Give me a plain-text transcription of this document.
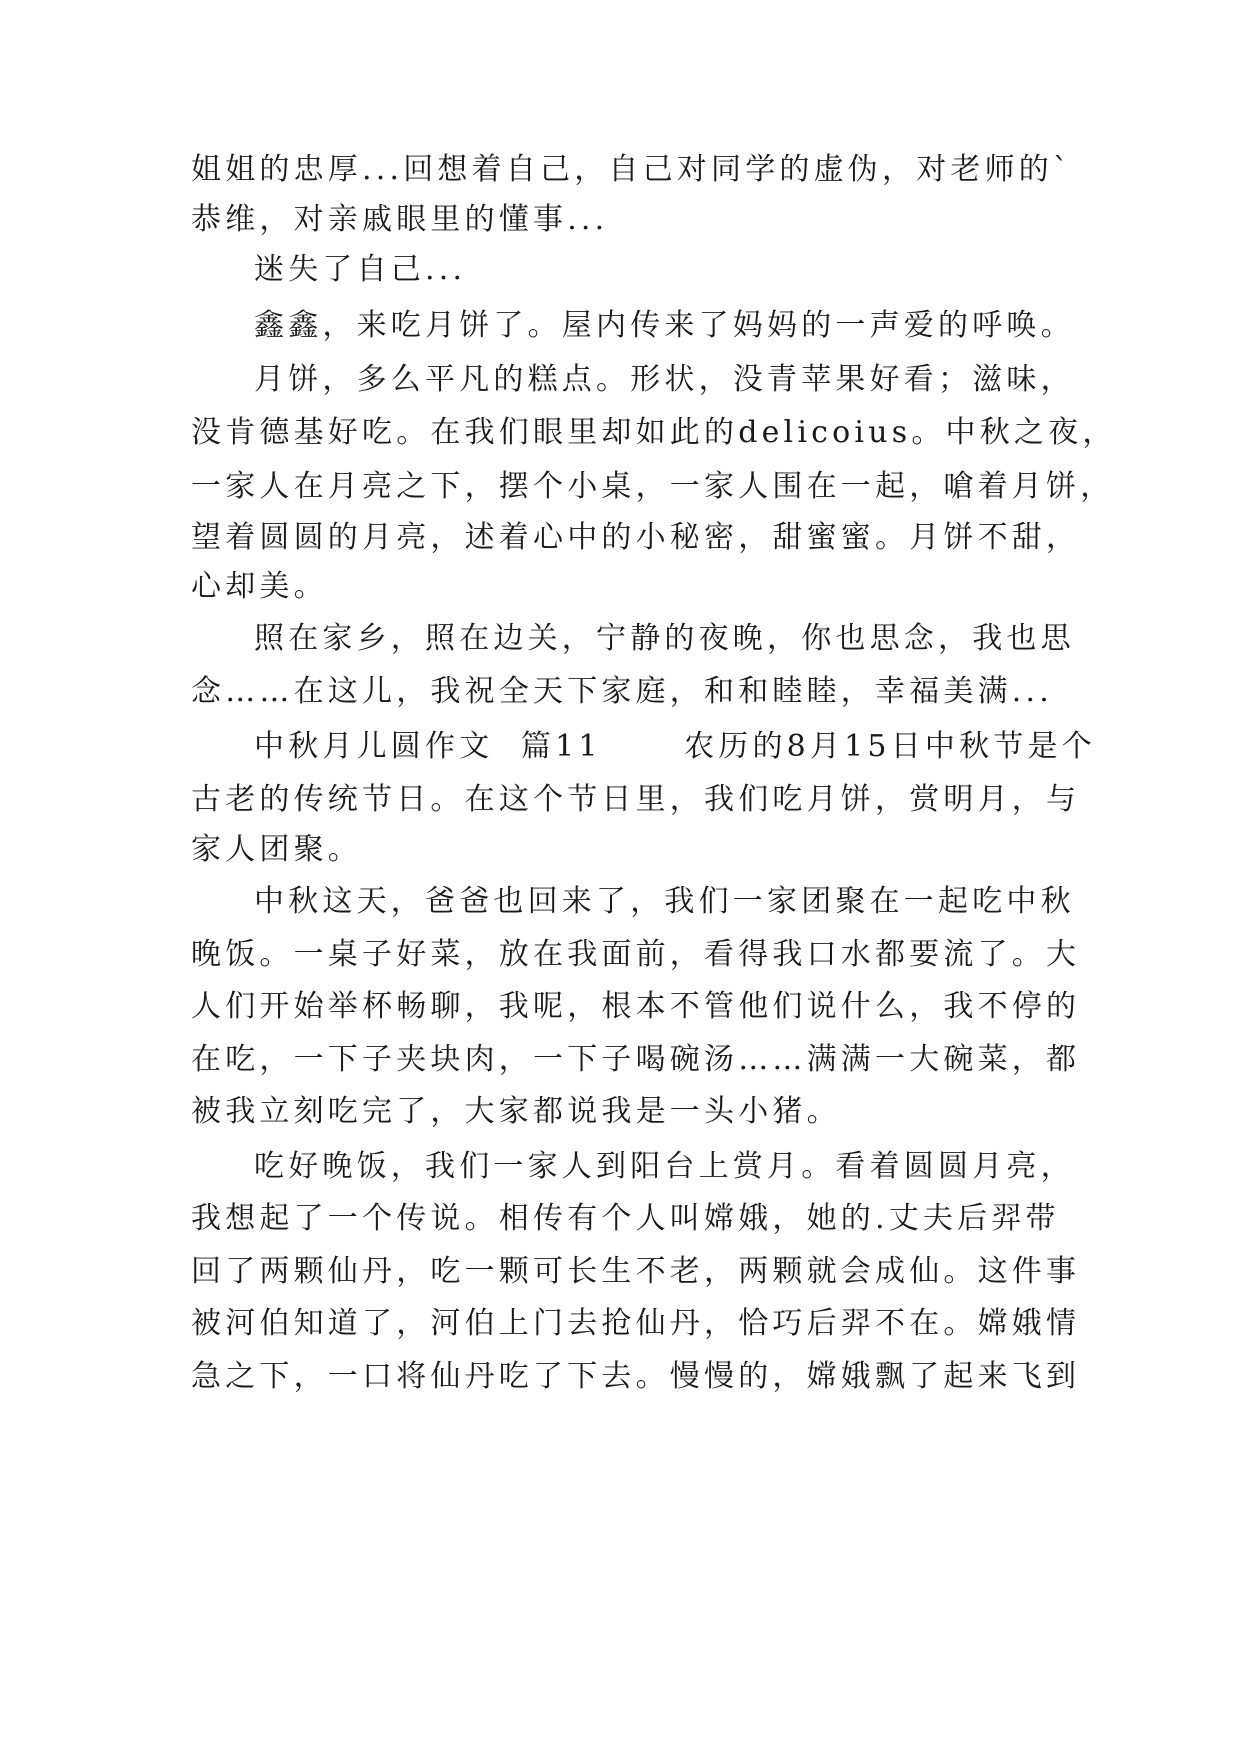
姐姐的忠厚...回想着自己，自己对同学的虚伪，对老师的`
恭维，对亲戚眼里的懂事...
迷失了自己...
鑫鑫，来吃月饼了。屋内传来了妈妈的一声爱的呼唤。
月饼，多么平凡的糕点。形状，没青苹果好看；滋味，
没肯德基好吃。在我们眼里却如此的delicoius。中秋之夜，
一家人在月亮之下，摆个小桌，一家人围在一起，嗆着月饼，
望着圆圆的月亮，述着心中的小秘密，甜蜜蜜。月饼不甜，
心却美。
照在家乡，照在边关，宁静的夜晚，你也思念，我也思
念……在这儿，我祝全天下家庭，和和睦睦，幸福美满...
中秋月儿圆作文  篇11      农历的8月15日中秋节是个
古老的传统节日。在这个节日里，我们吃月饼，赏明月，与
家人团聚。
中秋这天，爸爸也回来了，我们一家团聚在一起吃中秋
晚饭。一桌子好菜，放在我面前，看得我口水都要流了。大
人们开始举杯畅聊，我呢，根本不管他们说什么，我不停的
在吃，一下子夹块肉，一下子喝碗汤……满满一大碗菜，都
被我立刻吃完了，大家都说我是一头小猪。
吃好晚饭，我们一家人到阳台上赏月。看着圆圆月亮，
我想起了一个传说。相传有个人叫嫦娥，她的.丈夫后羿带
回了两颗仙丹，吃一颗可长生不老，两颗就会成仙。这件事
被河伯知道了，河伯上门去抢仙丹，恰巧后羿不在。嫦娥情
急之下，一口将仙丹吃了下去。慢慢的，嫦娥飘了起来飞到
